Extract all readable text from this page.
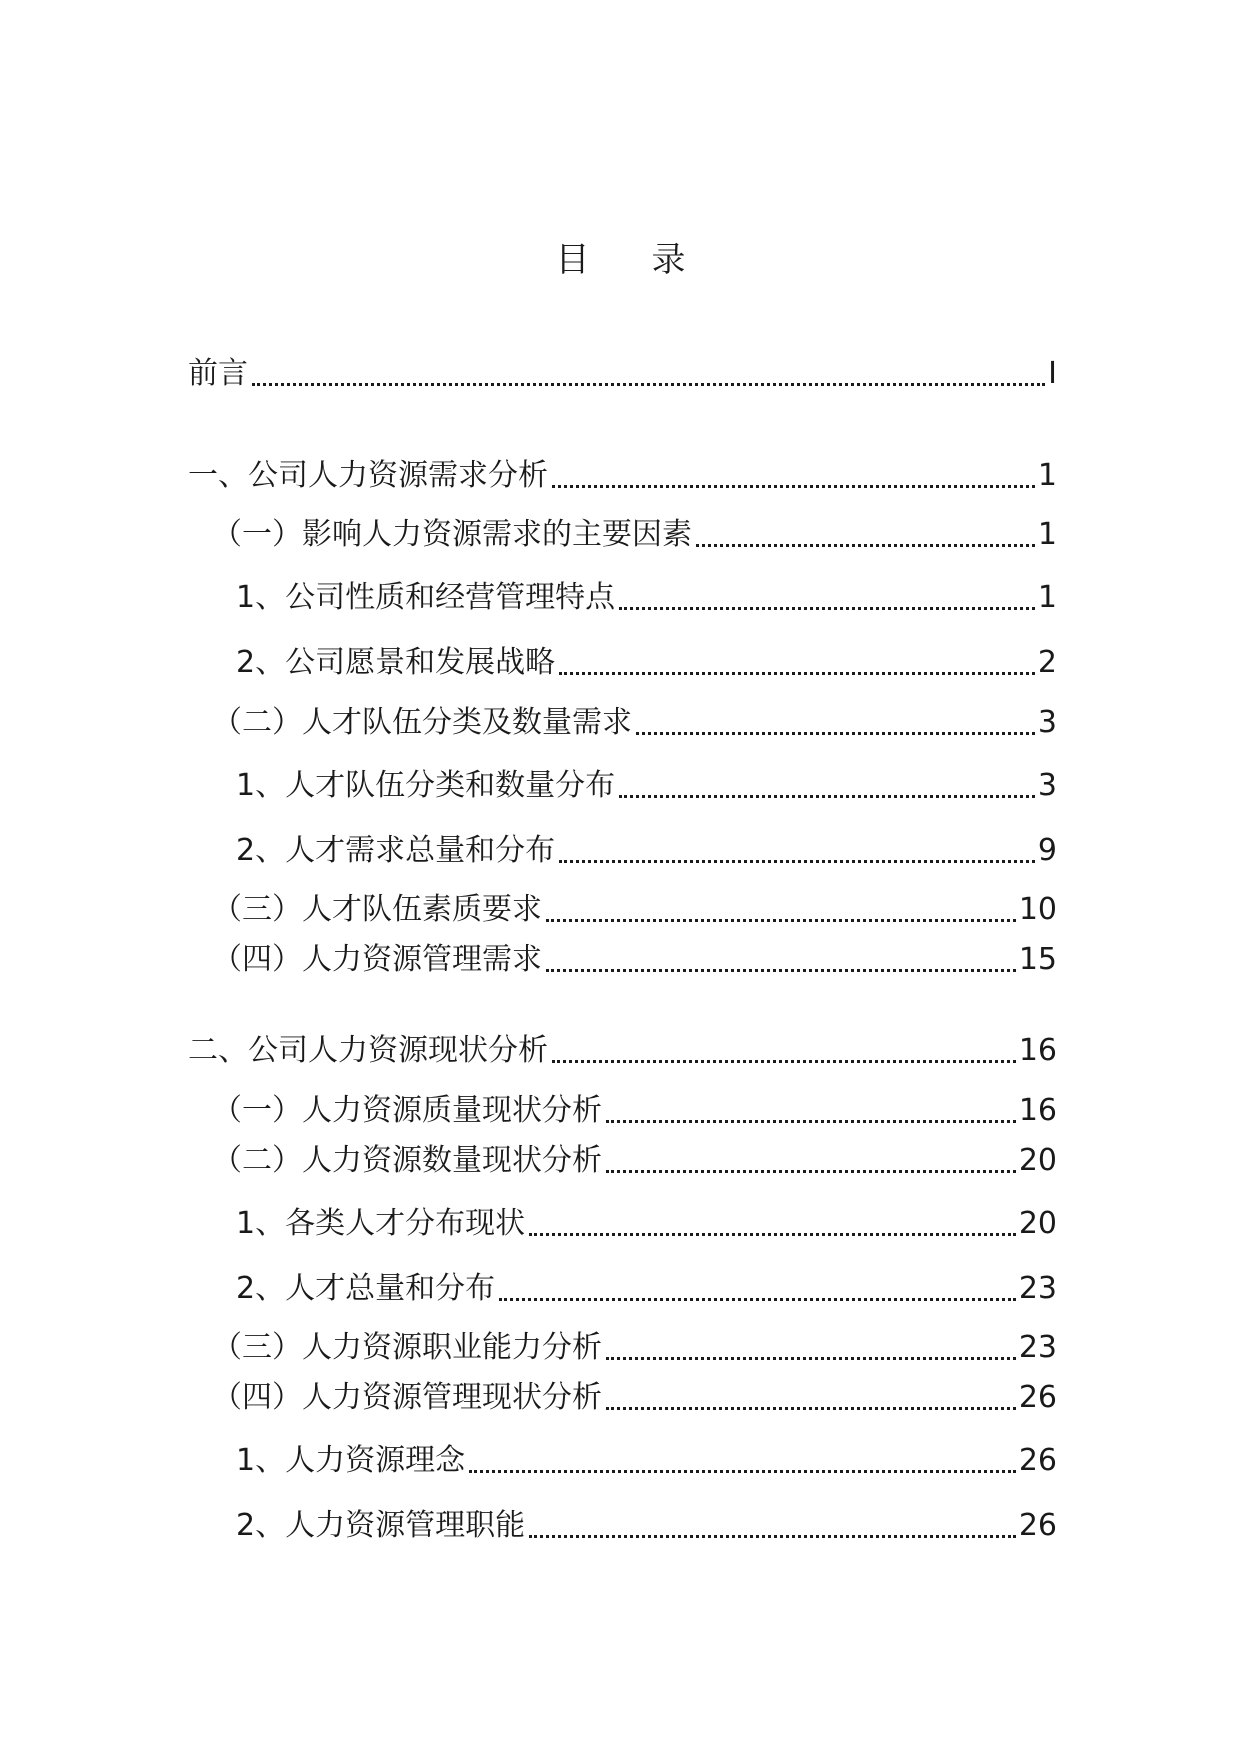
目 录
前言	I
一、公司人力资源需求分析	1
（一）影响人力资源需求的主要因素	1
1、公司性质和经营管理特点	1
2、公司愿景和发展战略	2
（二）人才队伍分类及数量需求	3
1、人才队伍分类和数量分布	3
2、人才需求总量和分布	9
（三）人才队伍素质要求	10
（四）人力资源管理需求	15
二、公司人力资源现状分析	16
（一）人力资源质量现状分析	16
（二）人力资源数量现状分析	20
1、各类人才分布现状	20
2、人才总量和分布	23
（三）人力资源职业能力分析	23
（四）人力资源管理现状分析	26
1、人力资源理念	26
2、人力资源管理职能	26
